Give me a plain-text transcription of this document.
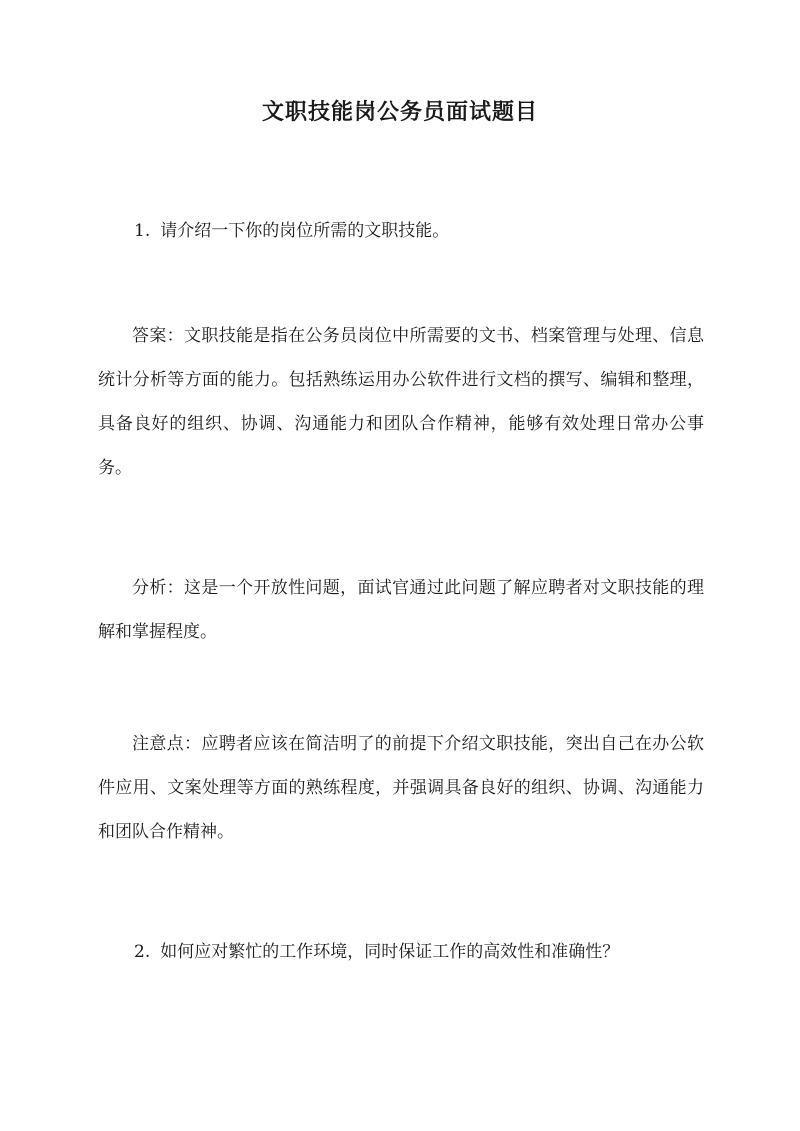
文职技能岗公务员面试题目

1. 请介绍一下你的岗位所需的文职技能。

答案：文职技能是指在公务员岗位中所需要的文书、档案管理与处理、信息统计分析等方面的能力。包括熟练运用办公软件进行文档的撰写、编辑和整理，具备良好的组织、协调、沟通能力和团队合作精神，能够有效处理日常办公事务。

分析：这是一个开放性问题，面试官通过此问题了解应聘者对文职技能的理解和掌握程度。

注意点：应聘者应该在简洁明了的前提下介绍文职技能，突出自己在办公软件应用、文案处理等方面的熟练程度，并强调具备良好的组织、协调、沟通能力和团队合作精神。

2. 如何应对繁忙的工作环境，同时保证工作的高效性和准确性？
